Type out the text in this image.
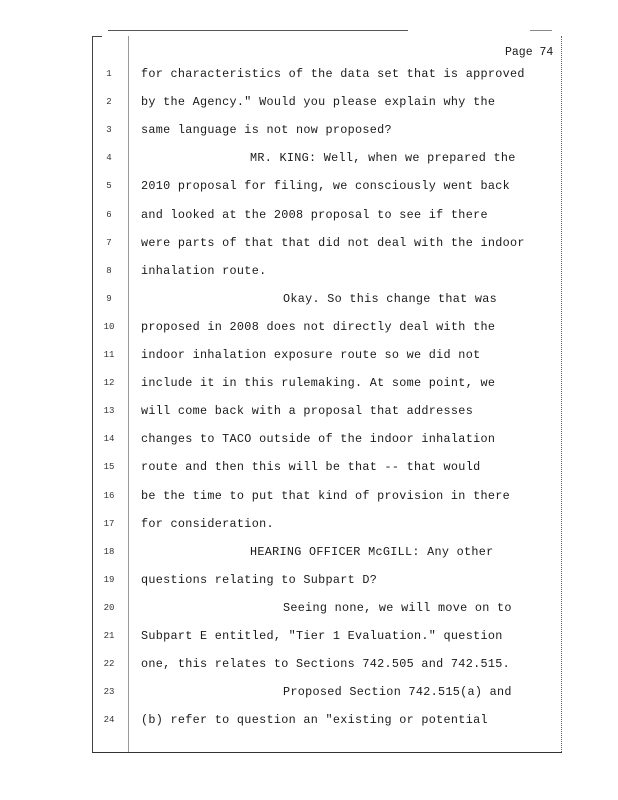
Page 74
1	for characteristics of the data set that is approved
2	by the Agency." Would you please explain why the
3	same language is not now proposed?
4	MR. KING: Well, when we prepared the
5	2010 proposal for filing, we consciously went back
6	and looked at the 2008 proposal to see if there
7	were parts of that that did not deal with the indoor
8	inhalation route.
9	Okay. So this change that was
10	proposed in 2008 does not directly deal with the
11	indoor inhalation exposure route so we did not
12	include it in this rulemaking. At some point, we
13	will come back with a proposal that addresses
14	changes to TACO outside of the indoor inhalation
15	route and then this will be that -- that would
16	be the time to put that kind of provision in there
17	for consideration.
18	HEARING OFFICER McGILL: Any other
19	questions relating to Subpart D?
20	Seeing none, we will move on to
21	Subpart E entitled, "Tier 1 Evaluation." question
22	one, this relates to Sections 742.505 and 742.515.
23	Proposed Section 742.515(a) and
24	(b) refer to question an "existing or potential
